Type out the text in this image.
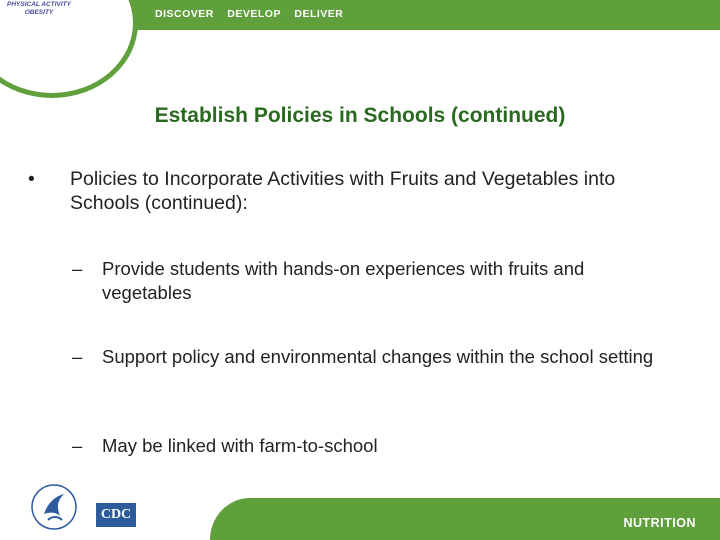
DISCOVER DEVELOP DELIVER
PHYSICAL ACTIVITY
OBESITY
Establish Policies in Schools (continued)
• Policies to Incorporate Activities with Fruits and Vegetables into Schools (continued):
– Provide students with hands-on experiences with fruits and vegetables
– Support policy and environmental changes within the school setting
– May be linked with farm-to-school
CDC
NUTRITION
